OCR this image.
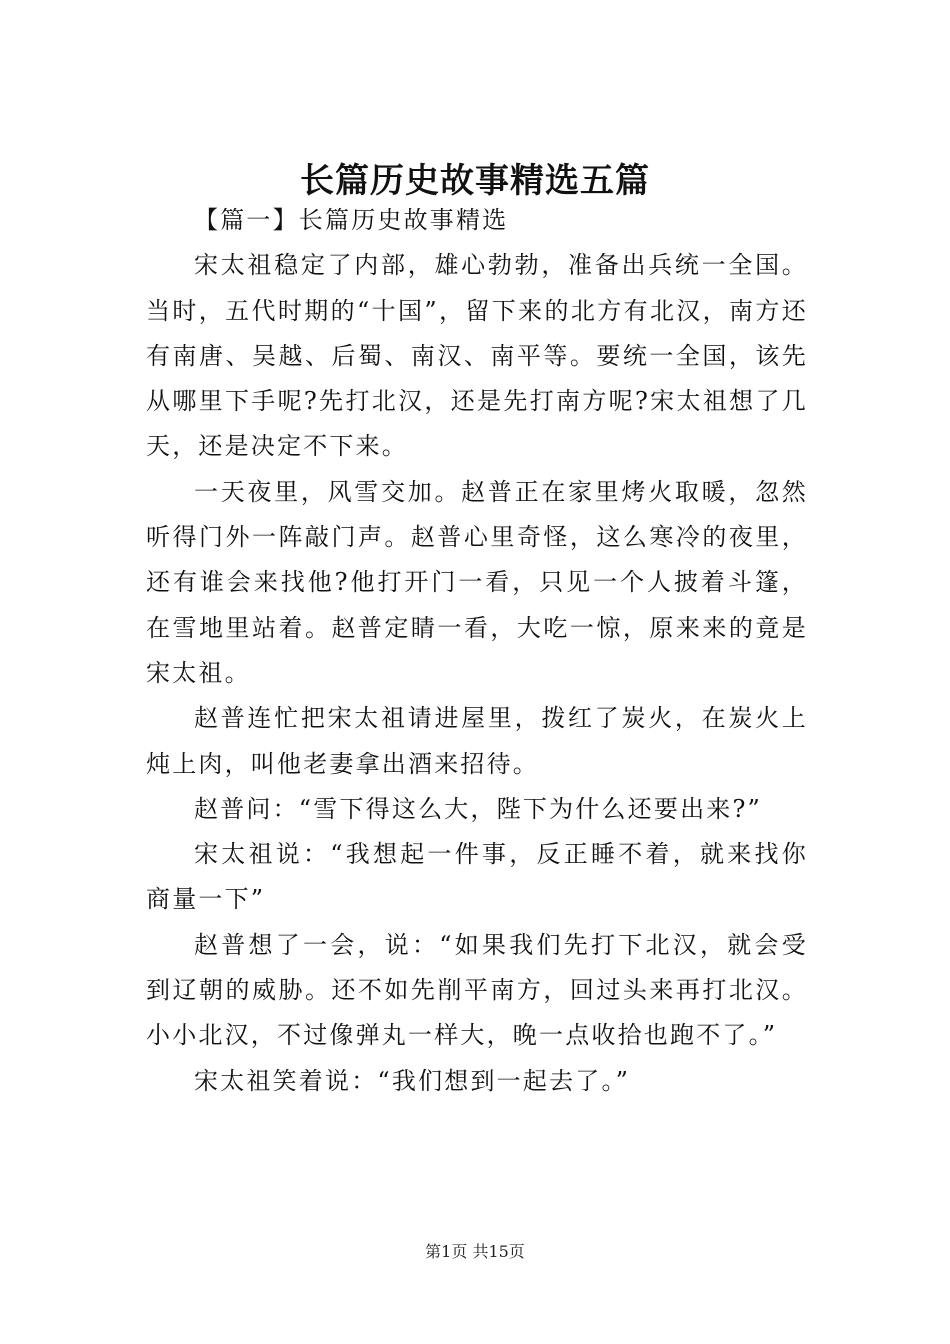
长篇历史故事精选五篇

【篇一】长篇历史故事精选

宋太祖稳定了内部，雄心勃勃，准备出兵统一全国。当时，五代时期的“十国”，留下来的北方有北汉，南方还有南唐、吴越、后蜀、南汉、南平等。要统一全国，该先从哪里下手呢?先打北汉，还是先打南方呢?宋太祖想了几天，还是决定不下来。

一天夜里，风雪交加。赵普正在家里烤火取暖，忽然听得门外一阵敲门声。赵普心里奇怪，这么寒冷的夜里，还有谁会来找他?他打开门一看，只见一个人披着斗篷，在雪地里站着。赵普定睛一看，大吃一惊，原来来的竟是宋太祖。

赵普连忙把宋太祖请进屋里，拨红了炭火，在炭火上炖上肉，叫他老妻拿出酒来招待。

赵普问：“雪下得这么大，陛下为什么还要出来?”

宋太祖说：“我想起一件事，反正睡不着，就来找你商量一下”

赵普想了一会，说：“如果我们先打下北汉，就会受到辽朝的威胁。还不如先削平南方，回过头来再打北汉。小小北汉，不过像弹丸一样大，晚一点收拾也跑不了。”

宋太祖笑着说：“我们想到一起去了。”

第1页 共15页
